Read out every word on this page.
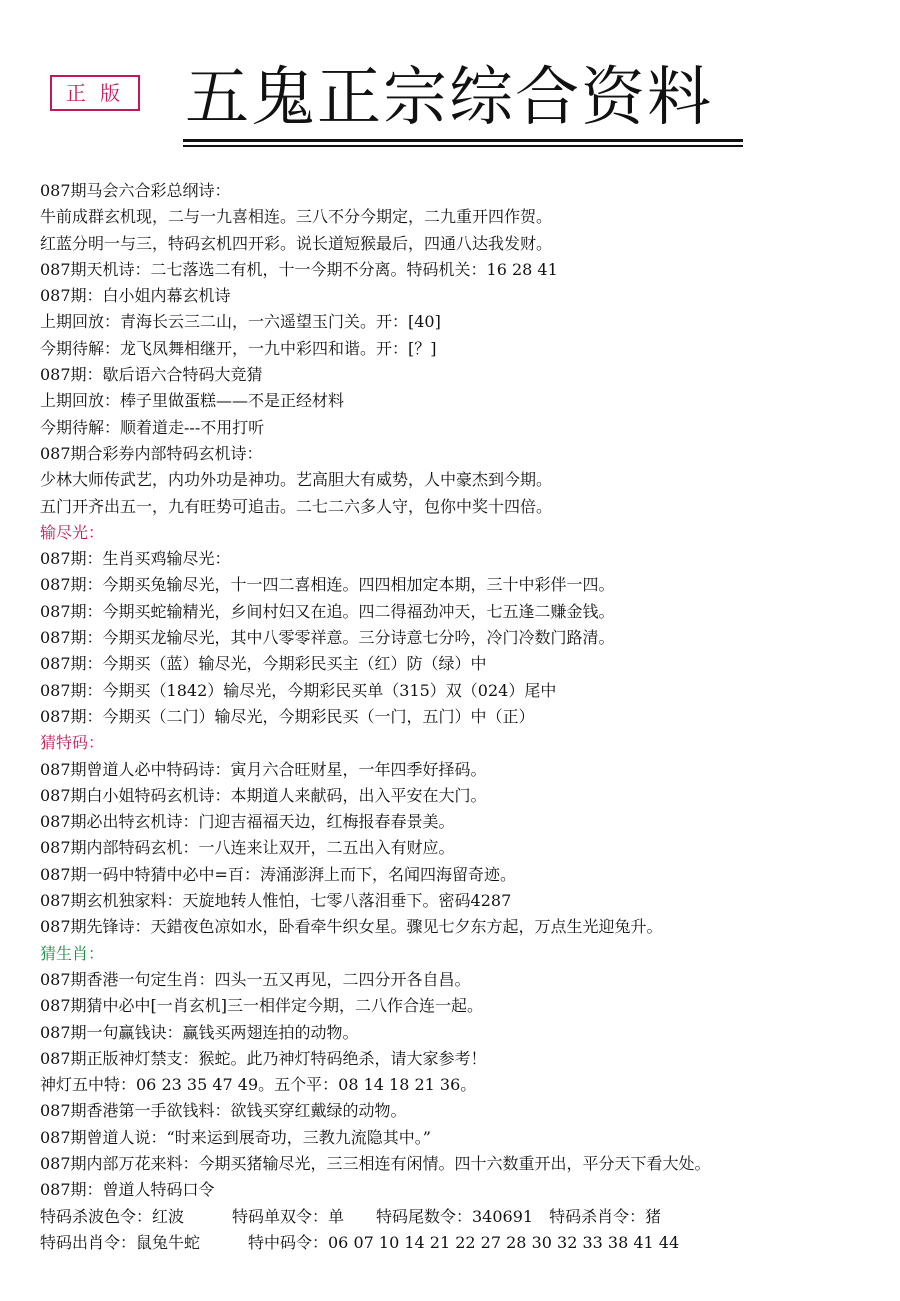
正 版 五鬼正宗综合资料
087期马会六合彩总纲诗：
牛前成群玄机现，二与一九喜相连。三八不分今期定，二九重开四作贺。
红蓝分明一与三，特码玄机四开彩。说长道短猴最后，四通八达我发财。
087期天机诗：二七落选二有机，十一今期不分离。特码机关：16 28 41
087期：白小姐内幕玄机诗
上期回放：青海长云三二山，一六遥望玉门关。开：[40]
今期待解：龙飞凤舞相继开，一九中彩四和谐。开：[？]
087期：歇后语六合特码大竞猜
上期回放：棒子里做蛋糕——不是正经材料
今期待解：顺着道走---不用打听
087期合彩券内部特码玄机诗：
少林大师传武艺，内功外功是神功。艺高胆大有威势，人中豪杰到今期。
五门开齐出五一，九有旺势可追击。二七二六多人守，包你中奖十四倍。
输尽光：
087期：生肖买鸡输尽光：
087期：今期买兔输尽光，十一四二喜相连。四四相加定本期，三十中彩伴一四。
087期：今期买蛇输精光，乡间村妇又在追。四二得福劲冲天，七五逢二赚金钱。
087期：今期买龙输尽光，其中八零零祥意。三分诗意七分吟，冷门冷数门路清。
087期：今期买（蓝）输尽光，今期彩民买主（红）防（绿）中
087期：今期买（1842）输尽光，今期彩民买单（315）双（024）尾中
087期：今期买（二门）输尽光，今期彩民买（一门，五门）中（正）
猜特码：
087期曾道人必中特码诗：寅月六合旺财星，一年四季好择码。
087期白小姐特码玄机诗：本期道人来献码，出入平安在大门。
087期必出特玄机诗：门迎吉福福天边，红梅报春春景美。
087期内部特码玄机：一八连来让双开，二五出入有财应。
087期一码中特猜中必中=百：涛涌澎湃上而下，名闻四海留奇迹。
087期玄机独家料：天旋地转人惟怕，七零八落泪垂下。密码4287
087期先锋诗：天錯夜色凉如水，卧看牵牛织女星。骤见七夕东方起，万点生光迎兔升。
猜生肖：
087期香港一句定生肖：四头一五又再见，二四分开各自昌。
087期猜中必中[一肖玄机]三一相伴定今期，二八作合连一起。
087期一句赢钱诀：赢钱买两翅连拍的动物。
087期正版神灯禁支：猴蛇。此乃神灯特码绝杀，请大家参考！
神灯五中特：06 23 35 47 49。五个平：08 14 18 21 36。
087期香港第一手欲钱料：欲钱买穿红戴绿的动物。
087期曾道人说：“时来运到展奇功，三教九流隐其中。”
087期内部万花来料：今期买猪输尽光，三三相连有闲情。四十六数重开出，平分天下看大处。
087期：曾道人特码口令
特码杀波色令：红波　　　特码单双令：单　　特码尾数令：340691　特码杀肖令：猪
特码出肖令：鼠兔牛蛇　　　特中码令：06 07 10 14 21 22 27 28 30 32 33 38 41 44
